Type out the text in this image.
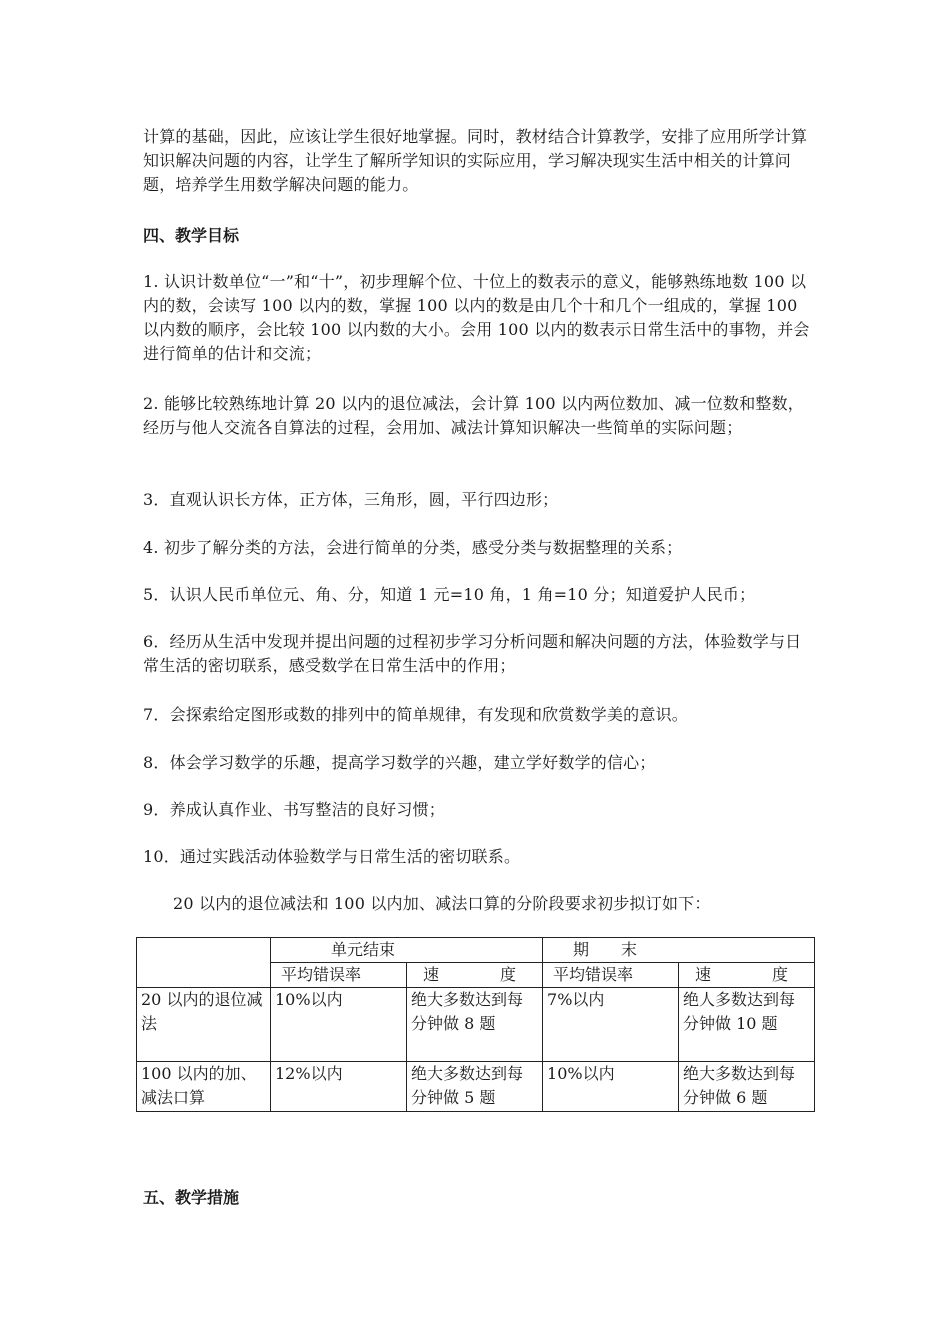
计算的基础，因此，应该让学生很好地掌握。同时，教材结合计算教学，安排了应用所学计算知识解决问题的内容，让学生了解所学知识的实际应用，学习解决现实生活中相关的计算问题，培养学生用数学解决问题的能力。

四、教学目标

1. 认识计数单位“一”和“十”，初步理解个位、十位上的数表示的意义，能够熟练地数 100 以内的数，会读写 100 以内的数，掌握 100 以内的数是由几个十和几个一组成的，掌握 100 以内数的顺序，会比较 100 以内数的大小。会用 100 以内的数表示日常生活中的事物，并会进行简单的估计和交流；

2. 能够比较熟练地计算 20 以内的退位减法，会计算 100 以内两位数加、减一位数和整数，经历与他人交流各自算法的过程，会用加、减法计算知识解决一些简单的实际问题；

3．直观认识长方体，正方体，三角形，圆，平行四边形；

4. 初步了解分类的方法，会进行简单的分类，感受分类与数据整理的关系；

5．认识人民币单位元、角、分，知道 1 元=10 角，1 角=10 分；知道爱护人民币；

6．经历从生活中发现并提出问题的过程初步学习分析问题和解决问题的方法，体验数学与日常生活的密切联系，感受数学在日常生活中的作用；

7．会探索给定图形或数的排列中的简单规律，有发现和欣赏数学美的意识。

8．体会学习数学的乐趣，提高学习数学的兴趣，建立学好数学的信心；

9．养成认真作业、书写整洁的良好习惯；

10．通过实践活动体验数学与日常生活的密切联系。

20 以内的退位减法和 100 以内加、减法口算的分阶段要求初步拟订如下：

	单元结束		期　　末	
	平均错误率	速度	平均错误率	速度
20 以内的退位减法	10%以内	绝大多数达到每分钟做 8 题	7%以内	绝人多数达到每分钟做 10 题
100 以内的加、减法口算	12%以内	绝大多数达到每分钟做 5 题	10%以内	绝大多数达到每分钟做 6 题
五、教学措施
